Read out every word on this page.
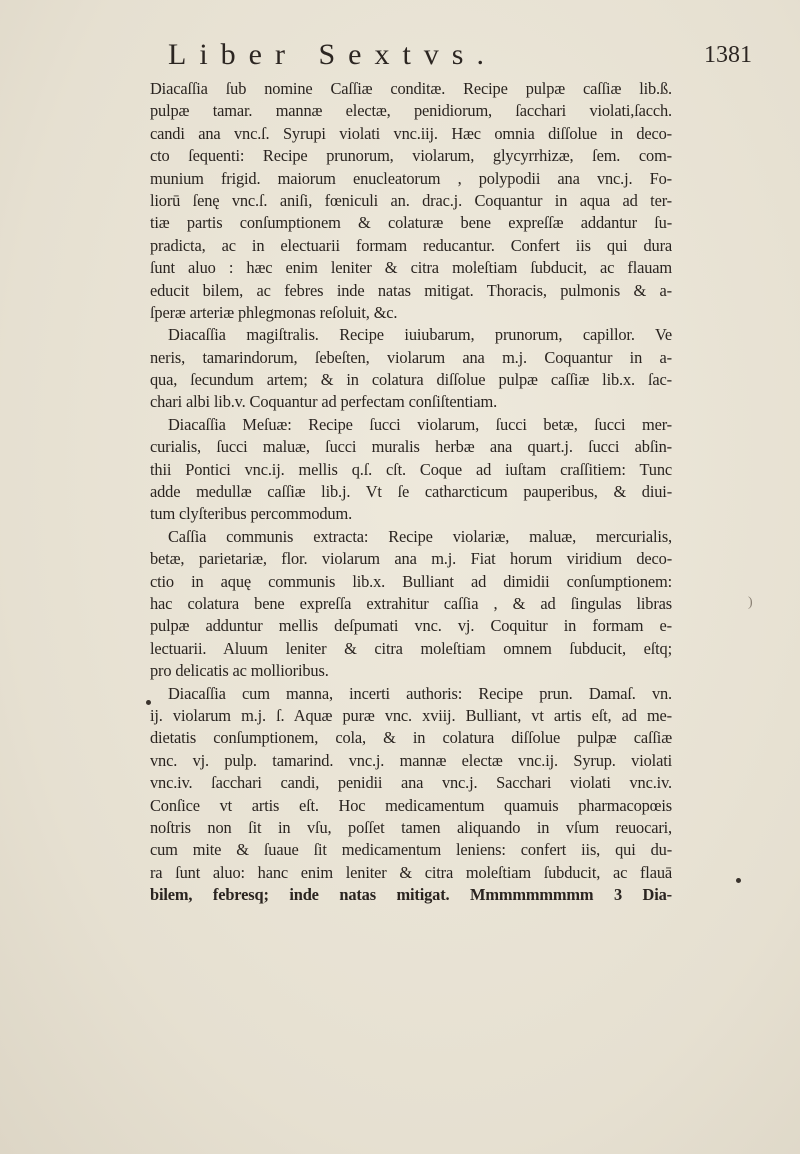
Liber Sextvs.	1381
Diacaſſia ſub nomine Caſſiæ conditæ. Recipe pulpæ caſſiæ lib.ß.
pulpæ tamar. mannæ electæ, penidiorum, ſacchari violati,ſacch.
candi ana vnc.ſ. Syrupi violati vnc.iij. Hæc omnia diſſolue in deco-
cto ſequenti: Recipe prunorum, violarum, glycyrrhizæ, ſem. com-
munium frigid. maiorum enucleatorum , polypodii ana vnc.j. Fo-
liorū ſenę vnc.ſ. aniſi, fœniculi an. drac.j. Coquantur in aqua ad ter-
tiæ partis conſumptionem & colaturæ bene expreſſæ addantur ſu-
pradicta, ac in electuarii formam reducantur. Confert iis qui dura
ſunt aluo : hæc enim leniter & citra moleſtiam ſubducit, ac flauam
educit bilem, ac febres inde natas mitigat. Thoracis, pulmonis & a-
ſperæ arteriæ phlegmonas reſoluit, &c.
Diacaſſia magiſtralis. Recipe iuiubarum, prunorum, capillor. Ve
neris, tamarindorum, ſebeſten, violarum ana m.j. Coquantur in a-
qua, ſecundum artem; & in colatura diſſolue pulpæ caſſiæ lib.x. ſac-
chari albi lib.v. Coquantur ad perfectam conſiſtentiam.
Diacaſſia Meſuæ: Recipe ſucci violarum, ſucci betæ, ſucci mer-
curialis, ſucci maluæ, ſucci muralis herbæ ana quart.j. ſucci abſin-
thii Pontici vnc.ij. mellis q.ſ. cſt. Coque ad iuſtam craſſitiem: Tunc
adde medullæ caſſiæ lib.j. Vt ſe catharcticum pauperibus, & diui-
tum clyſteribus percommodum.
Caſſia communis extracta: Recipe violariæ, maluæ, mercurialis,
betæ, parietariæ, flor. violarum ana m.j. Fiat horum viridium deco-
ctio in aquę communis lib.x. Bulliant ad dimidii conſumptionem:
hac colatura bene expreſſa extrahitur caſſia , & ad ſingulas libras
pulpæ adduntur mellis deſpumati vnc. vj. Coquitur in formam e-
lectuarii. Aluum leniter & citra moleſtiam omnem ſubducit, eſtq;
pro delicatis ac mollioribus.
Diacaſſia cum manna, incerti authoris: Recipe prun. Damaſ. vn.
ij. violarum m.j. ſ. Aquæ puræ vnc. xviij. Bulliant, vt artis eſt, ad me-
dietatis conſumptionem, cola, & in colatura diſſolue pulpæ caſſiæ
vnc. vj. pulp. tamarind. vnc.j. mannæ electæ vnc.ij. Syrup. violati
vnc.iv. ſacchari candi, penidii ana vnc.j. Sacchari violati vnc.iv.
Conſice vt artis eſt. Hoc medicamentum quamuis pharmacopœis
noſtris non ſit in vſu, poſſet tamen aliquando in vſum reuocari,
cum mite & ſuaue ſit medicamentum leniens: confert iis, qui du-
ra ſunt aluo: hanc enim leniter & citra moleſtiam ſubducit, ac flauā
bilem, febresq; inde natas mitigat. Mmmmmmmmm 3 Dia-
)
